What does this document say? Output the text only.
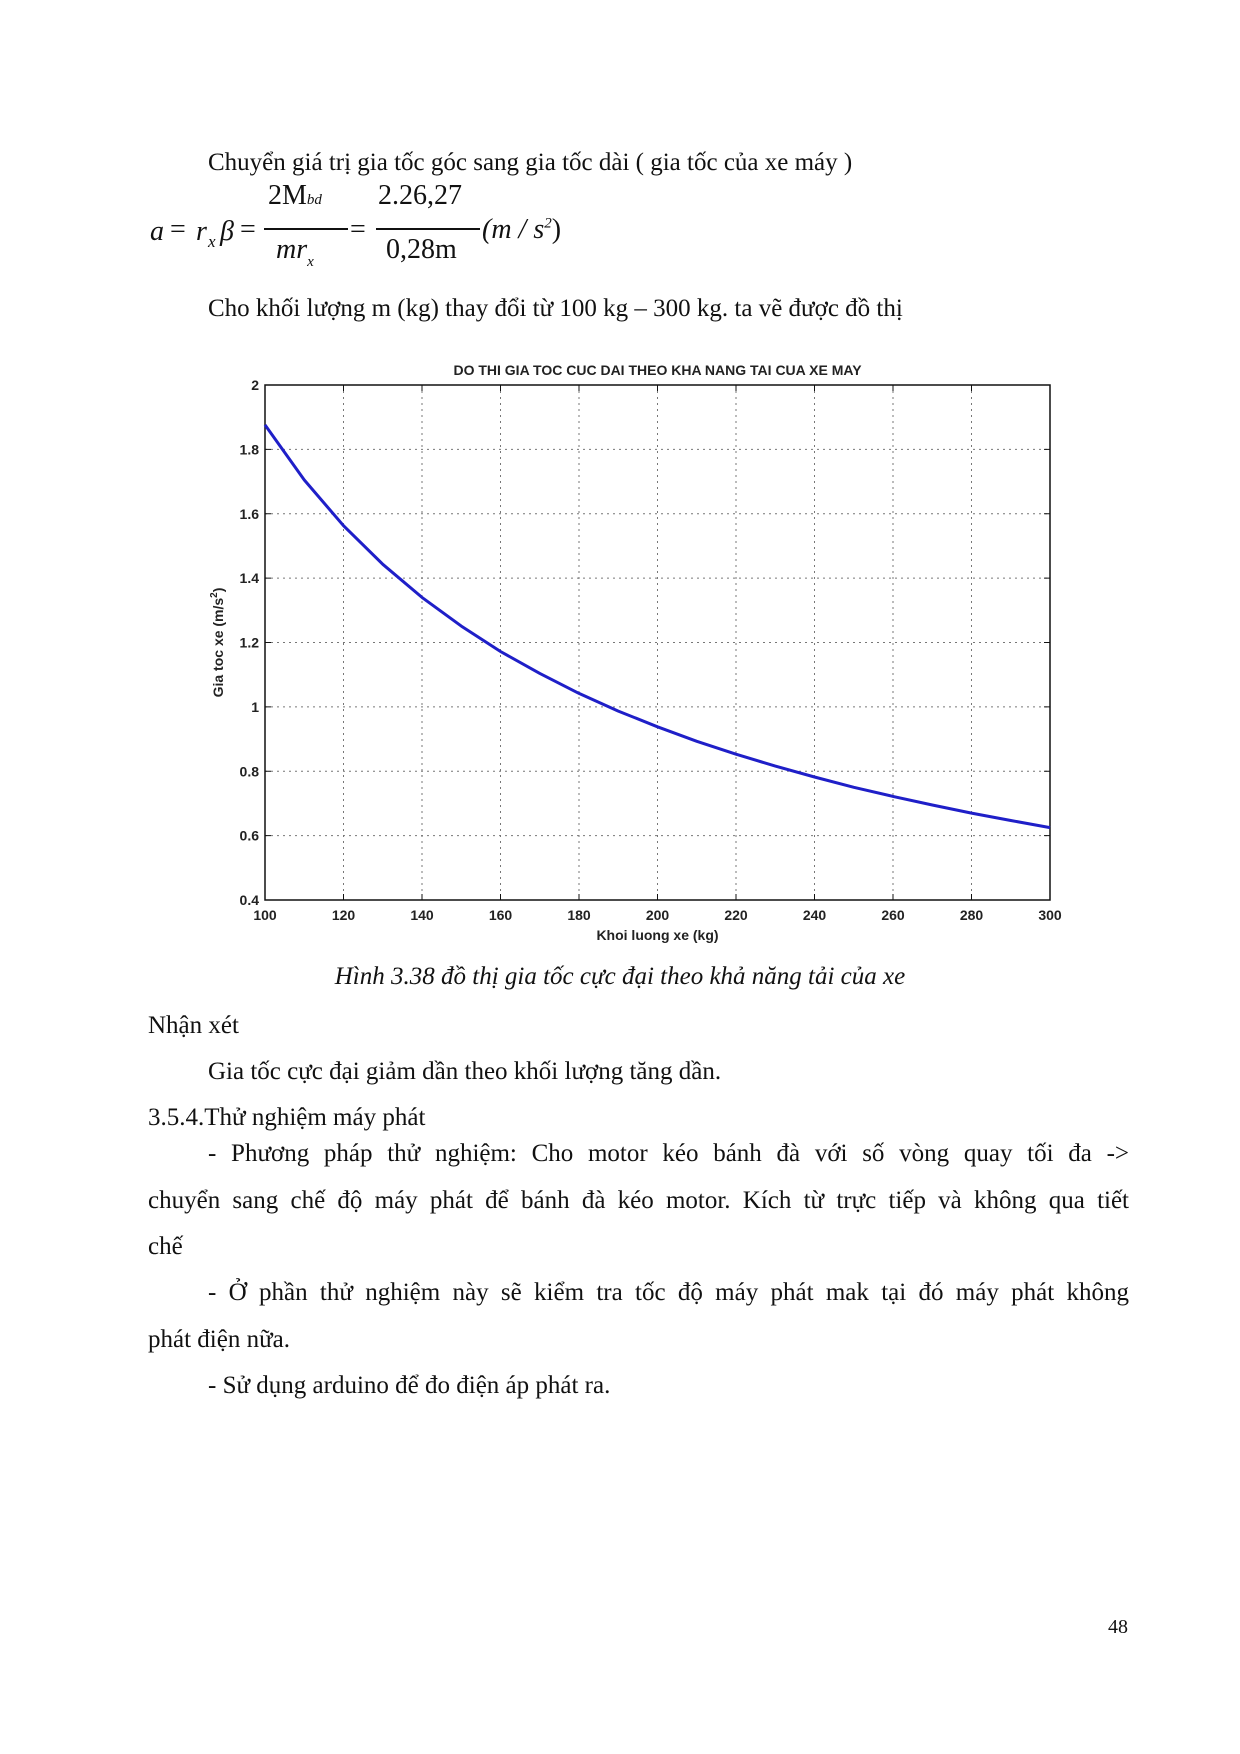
Chuyển giá trị gia tốc góc sang gia tốc dài ( gia tốc của xe máy )
a = r x β =
2Mbd
$mr_x$
=
2.26,27
0,28m
$(m / s^2)$
Cho khối lượng m (kg) thay đổi từ 100 kg – 300 kg. ta vẽ được đồ thị
DO THI GIA TOC CUC DAI THEO KHA NANG TAI CUA XE MAY
100	120	140	160	180	200	220	240	260	280	300
0.4
0.6
0.8
1
1.2
1.4
1.6
1.8
2
Khoi luong xe (kg)
Gia toc xe $(m/s^2)$
Hình 3.38 đồ thị gia tốc cực đại theo khả năng tải của xe
Nhận xét
Gia tốc cực đại giảm dần theo khối lượng tăng dần.
3.5.4.Thử nghiệm máy phát
- Phương pháp thử nghiệm: Cho motor kéo bánh đà với số vòng quay tối đa ->
chuyển sang chế độ máy phát để bánh đà kéo motor. Kích từ trực tiếp và không qua tiết
chế
- Ở phần thử nghiệm này sẽ kiểm tra tốc độ máy phát mak tại đó máy phát không
phát điện nữa.
- Sử dụng arduino để đo điện áp phát ra.
48
